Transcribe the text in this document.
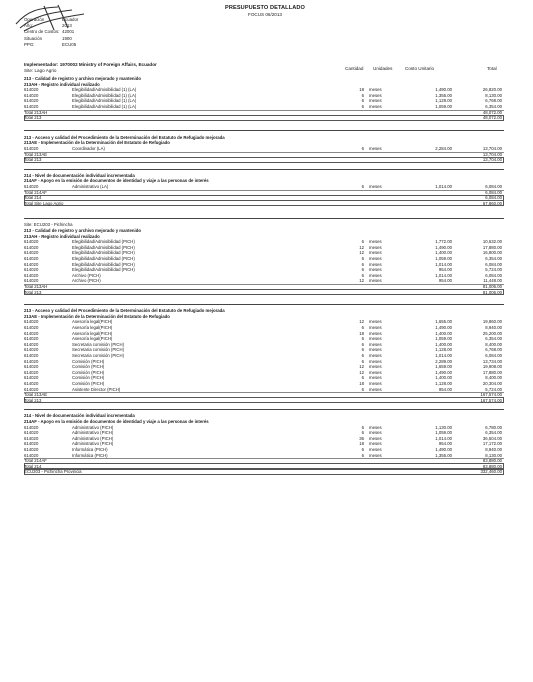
PRESUPUESTO DETALLADO
FOCUS 06/2013
Operación	Ecuador
Año:	2013
Centro de Costos: 42001
Situación	1900
PPG:	ECU05
Implementador: 1970002 Ministry of Foreign Affairs, Ecuador
Site: Lago Agrio	Cantidad Unidades	Costo Unitario	Total
213 - Calidad de registro y archivo mejorado y mantenido
213AH - Registro individual realizado
614020	Elegibilidad/Admisibilidad (1) (LA)	18 meses	1,490.00	26,820.00
614020	Elegibilidad/Admisibilidad (1) (LA)	6 meses	1,355.00	8,130.00
614020	Elegibilidad/Admisibilidad (1) (LA)	6 meses	1,128.00	6,768.00
614020	Elegibilidad/Admisibilidad (1) (LA)	6 meses	1,059.00	6,354.00
Total 213AH	48,072.00
Total 213	48,072.00
213 - Acceso y calidad del Procedimiento de la Determinación del Estatuto de Refugiado mejorada
213AE - Implementación de la Determinación del Estatuto de Refugiado
614020	Coordinador (LA)	6 meses	2,284.00	13,704.00
Total 213AE	13,704.00
Total 213	13,704.00
214 - Nivel de documentación individual incrementada
214AF - Apoyo en la emisión de documentos de identidad y viaje a las personas de interés
614020	Administrativo (LA)	6 meses	1,014.00	6,084.00
Total 214AF	6,084.00
Total 214	6,084.00
Total Site Lago Agrio	67,860.00
Site: ECU203 - Pichincha
213 - Calidad de registro y archivo mejorado y mantenido
213AH - Registro individual realizado
614020	Elegibilidad/Admisibilidad (PICH)	6 meses	1,772.00	10,632.00
614020	Elegibilidad/Admisibilidad (PICH)	12 meses	1,490.00	17,880.00
614020	Elegibilidad/Admisibilidad (PICH)	12 meses	1,400.00	16,800.00
614020	Elegibilidad/Admisibilidad (PICH)	6 meses	1,059.00	6,354.00
614020	Elegibilidad/Admisibilidad (PICH)	6 meses	1,014.00	6,084.00
614020	Elegibilidad/Admisibilidad (PICH)	6 meses	954.00	5,724.00
614020	Archivo (PICH)	6 meses	1,014.00	6,084.00
614020	Archivo (PICH)	12 meses	954.00	11,448.00
Total 213AH	81,006.00
Total 213	81,006.00
213 - Acceso y calidad del Procedimiento de la Determinación del Estatuto de Refugiado mejorada
213AE - Implementación de la Determinación del Estatuto de Refugiado
614020	Asesoría legal(PICH)	12 meses	1,655.00	19,860.00
614020	Asesoría legal(PICH)	6 meses	1,490.00	8,940.00
614020	Asesoría legal(PICH)	18 meses	1,400.00	25,200.00
614020	Asesoría legal(PICH)	6 meses	1,059.00	6,354.00
614020	Secretaria comisión (PICH)	6 meses	1,400.00	8,400.00
614020	Secretaria comisión (PICH)	6 meses	1,128.00	6,768.00
614020	Secretaria comisión (PICH)	6 meses	1,014.00	6,084.00
614020	Comisión (PICH)	6 meses	2,289.00	13,734.00
614020	Comisión (PICH)	12 meses	1,659.00	19,908.00
614020	Comisión (PICH)	12 meses	1,490.00	17,880.00
614020	Comisión (PICH)	6 meses	1,400.00	8,400.00
614020	Comisión (PICH)	18 meses	1,128.00	20,304.00
614020	Asistente Director (PICH)	6 meses	954.00	5,724.00
Total 213AE	167,574.00
Total 213	167,574.00
214 - Nivel de documentación individual incrementada
214AF - Apoyo en la emisión de documentos de identidad y viaje a las personas de interés
614020	Administrativo (PICH)	6 meses	1,130.00	6,780.00
614020	Administrativo (PICH)	6 meses	1,059.00	6,354.00
614020	Administrativo (PICH)	36 meses	1,014.00	36,504.00
614020	Administrativo (PICH)	18 meses	954.00	17,172.00
614020	Informática (PICH)	6 meses	1,490.00	8,940.00
614020	Informática (PICH)	6 meses	1,355.00	8,130.00
Total 214AF	83,880.00
Total 214	83,880.00
ECU203 - Pichincha Provincia	332,460.00
